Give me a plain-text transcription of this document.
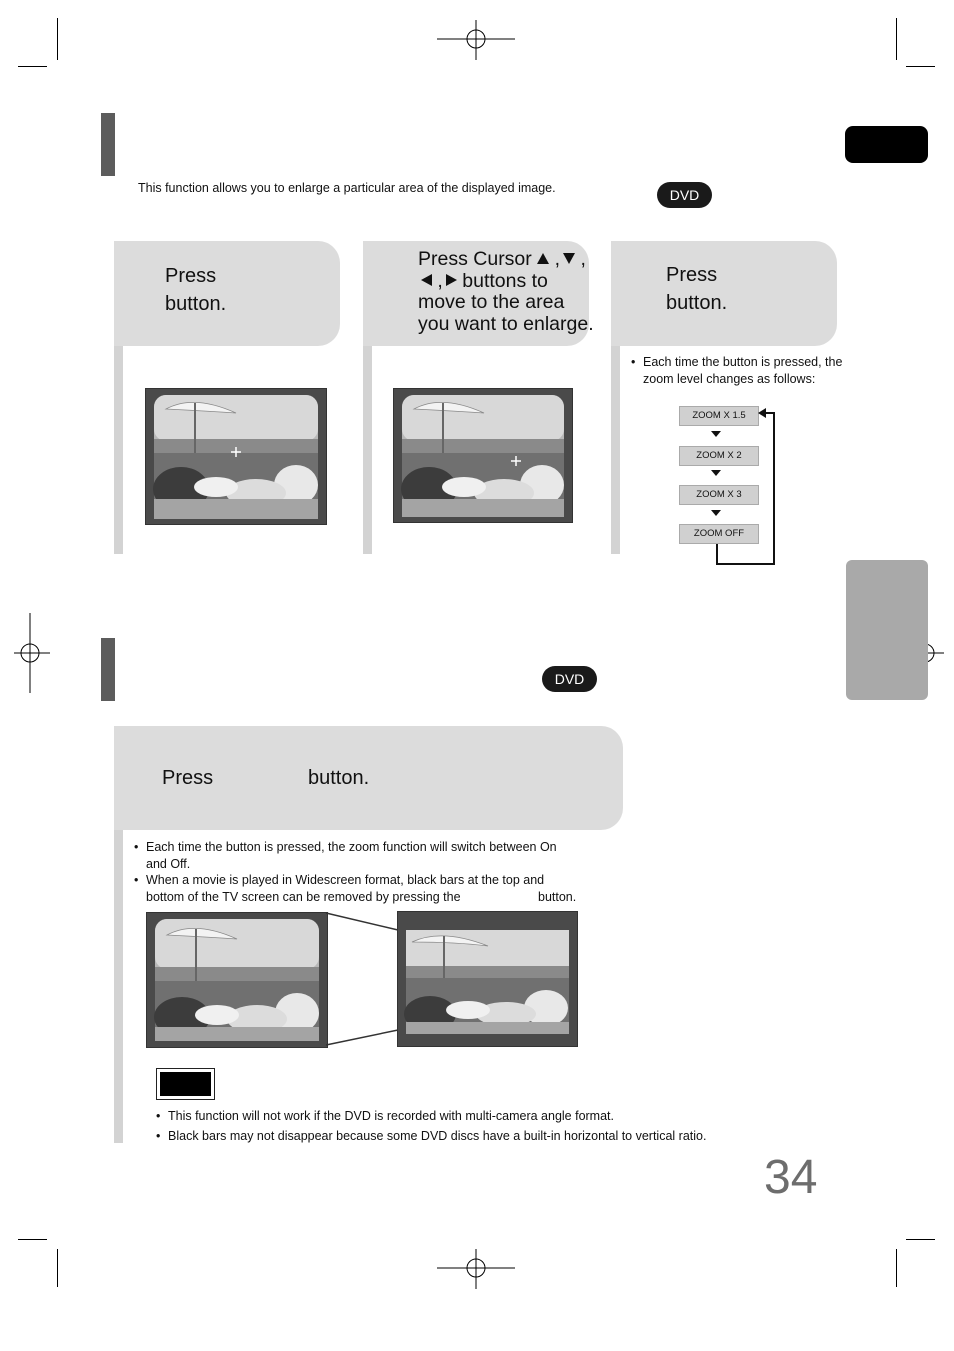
This function allows you to enlarge a particular area of the displayed image.	DVD
Press
button.
Press Cursor  , ,
, buttons to
move to the area
you want to enlarge.
Press
button.
• Each time the button is pressed, the
zoom level changes as follows:
ZOOM X 1.5
ZOOM X 2
ZOOM X 3
ZOOM OFF
DVD
Press	button.
• Each time the button is pressed, the zoom function will switch between On
and Off.
• When a movie is played in Widescreen format, black bars at the top and
bottom of the TV screen can be removed by pressing the	button.
• This function will not work if the DVD is recorded with multi-camera angle format.
• Black bars may not disappear because some DVD discs have a built-in horizontal to vertical ratio.
34
